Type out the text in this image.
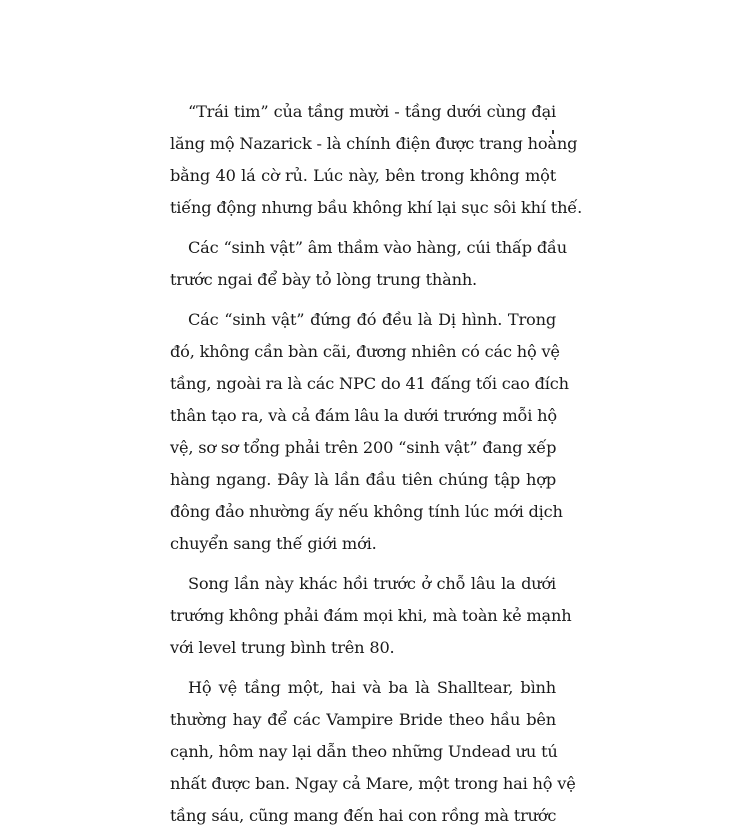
“Trái tim” của tầng mười - tầng dưới cùng đại
lăng mộ Nazarick - là chính điện được trang hoàng
bằng 40 lá cờ rủ. Lúc này, bên trong không một
tiếng động nhưng bầu không khí lại sục sôi khí thế.
Các “sinh vật” âm thầm vào hàng, cúi thấp đầu
trước ngai để bày tỏ lòng trung thành.
Các “sinh vật” đứng đó đều là Dị hình. Trong
đó, không cần bàn cãi, đương nhiên có các hộ vệ
tầng, ngoài ra là các NPC do 41 đấng tối cao đích
thân tạo ra, và cả đám lâu la dưới trướng mỗi hộ
vệ, sơ sơ tổng phải trên 200 “sinh vật” đang xếp
hàng ngang. Đây là lần đầu tiên chúng tập hợp
đông đảo nhường ấy nếu không tính lúc mới dịch
chuyển sang thế giới mới.
Song lần này khác hồi trước ở chỗ lâu la dưới
trướng không phải đám mọi khi, mà toàn kẻ mạnh
với level trung bình trên 80.
Hộ vệ tầng một, hai và ba là Shalltear, bình
thường hay để các Vampire Bride theo hầu bên
cạnh, hôm nay lại dẫn theo những Undead ưu tú
nhất được ban. Ngay cả Mare, một trong hai hộ vệ
tầng sáu, cũng mang đến hai con rồng mà trước
